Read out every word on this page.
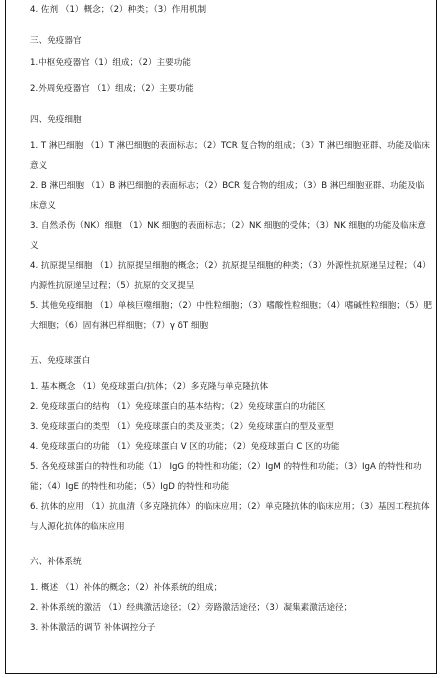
4. 佐剂 （1）概念；（2）种类；（3）作用机制

三、免疫器官

1.中枢免疫器官（1）组成；（2）主要功能

2.外周免疫器官 （1）组成；（2）主要功能

四、免疫细胞

1. T 淋巴细胞 （1）T 淋巴细胞的表面标志；（2）TCR 复合物的组成；（3）T 淋巴细胞亚群、功能及临床意义

2. B 淋巴细胞 （1）B 淋巴细胞的表面标志；（2）BCR 复合物的组成；（3）B 淋巴细胞亚群、功能及临床意义

3. 自然杀伤（NK）细胞 （1）NK 细胞的表面标志；（2）NK 细胞的受体；（3）NK 细胞的功能及临床意义

4. 抗原提呈细胞 （1）抗原提呈细胞的概念；（2）抗原提呈细胞的种类；（3）外源性抗原递呈过程；（4）内源性抗原递呈过程；（5）抗原的交叉提呈

5. 其他免疫细胞 （1）单核巨噬细胞；（2）中性粒细胞；（3）嗜酸性粒细胞；（4）嗜碱性粒细胞；（5）肥大细胞；（6）固有淋巴样细胞；（7）γ δT 细胞

五、免疫球蛋白

1. 基本概念 （1）免疫球蛋白/抗体；（2）多克隆与单克隆抗体

2. 免疫球蛋白的结构 （1）免疫球蛋白的基本结构；（2）免疫球蛋白的功能区

3. 免疫球蛋白的类型 （1）免疫球蛋白的类及亚类；（2）免疫球蛋白的型及亚型

4. 免疫球蛋白的功能 （1）免疫球蛋白 V 区的功能；（2）免疫球蛋白 C 区的功能

5. 各免疫球蛋白的特性和功能（1） IgG 的特性和功能；（2）IgM 的特性和功能；（3）IgA 的特性和功能；（4）IgE 的特性和功能；（5）IgD 的特性和功能

6. 抗体的应用 （1）抗血清（多克隆抗体）的临床应用；（2）单克隆抗体的临床应用；（3）基因工程抗体与人源化抗体的临床应用

六、补体系统

1. 概述 （1）补体的概念；（2）补体系统的组成；

2. 补体系统的激活 （1）经典激活途径；（2）旁路激活途径；（3）凝集素激活途径；

3. 补体激活的调节 补体调控分子
